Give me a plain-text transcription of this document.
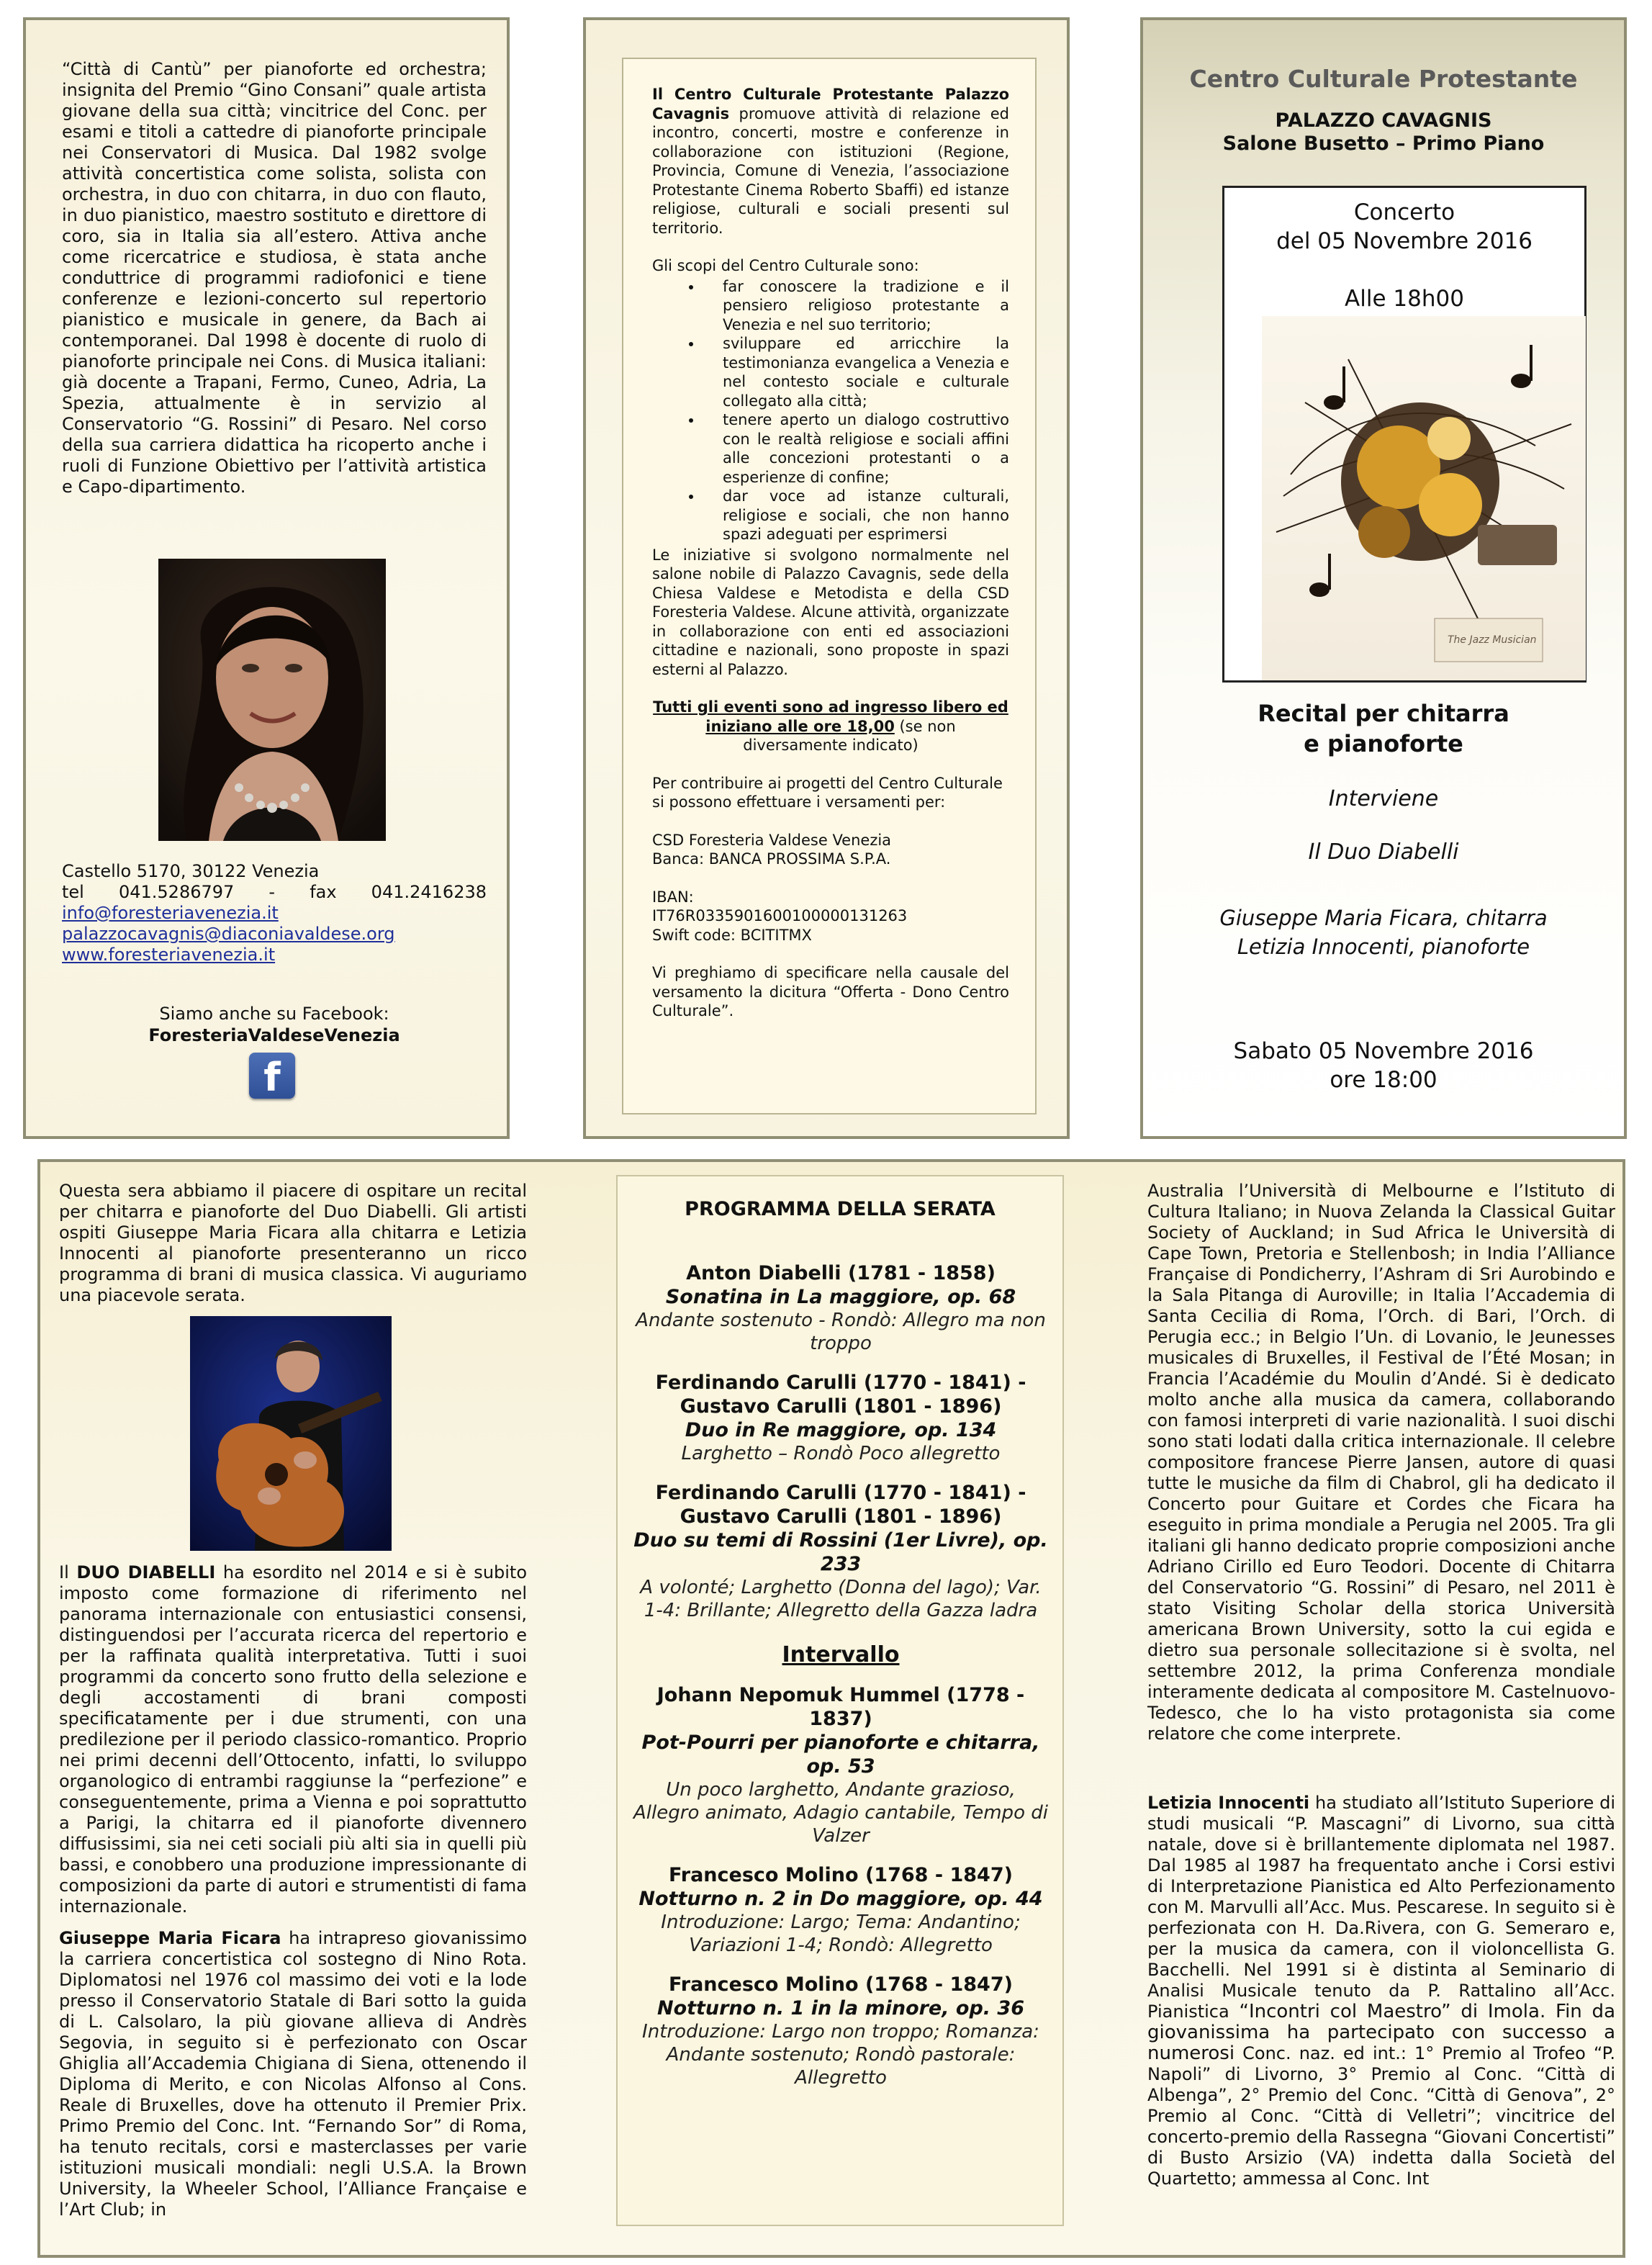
“Città di Cantù” per pianoforte ed orchestra; insignita del Premio “Gino Consani” quale artista giovane della sua città; vincitrice del Conc. per esami e titoli a cattedre di pianoforte principale nei Conservatori di Musica. Dal 1982 svolge attività concertistica come solista, solista con orchestra, in duo con chitarra, in duo con flauto, in duo pianistico, maestro sostituto e direttore di coro, sia in Italia sia all’estero. Attiva anche come ricercatrice e studiosa, è stata anche conduttrice di programmi radiofonici e tiene conferenze e lezioni-concerto sul repertorio pianistico e musicale in genere, da Bach ai contemporanei. Dal 1998 è docente di ruolo di pianoforte principale nei Cons. di Musica italiani: già docente a Trapani, Fermo, Cuneo, Adria, La Spezia, attualmente è in servizio al Conservatorio “G. Rossini” di Pesaro. Nel corso della sua carriera didattica ha ricoperto anche i ruoli di Funzione Obiettivo per l’attività artistica e Capo-dipartimento.

Castello 5170, 30122 Venezia

tel 041.5286797 - fax 041.2416238

info@foresteriavenezia.it

palazzocavagnis@diaconiavaldese.org

www.foresteriavenezia.it

Siamo anche su Facebook:

ForesteriaValdeseVenezia

f

Il Centro Culturale Protestante Palazzo Cavagnis promuove attività di relazione ed incontro, concerti, mostre e conferenze in collaborazione con istituzioni (Regione, Provincia, Comune di Venezia, l’associazione Protestante Cinema Roberto Sbaffi) ed istanze religiose, culturali e sociali presenti sul territorio.

Gli scopi del Centro Culturale sono:

• far conoscere la tradizione e il pensiero religioso protestante a Venezia e nel suo territorio;
• sviluppare ed arricchire la testimonianza evangelica a Venezia e nel contesto sociale e culturale collegato alla città;
• tenere aperto un dialogo costruttivo con le realtà religiose e sociali affini alle concezioni protestanti o a esperienze di confine;
• dar voce ad istanze culturali, religiose e sociali, che non hanno spazi adeguati per esprimersi

Le iniziative si svolgono normalmente nel salone nobile di Palazzo Cavagnis, sede della Chiesa Valdese e Metodista e della CSD Foresteria Valdese. Alcune attività, organizzate in collaborazione con enti ed associazioni cittadine e nazionali, sono proposte in spazi esterni al Palazzo.

Tutti gli eventi sono ad ingresso libero ed iniziano alle ore 18,00 (se non diversamente indicato)

Per contribuire ai progetti del Centro Culturale si possono effettuare i versamenti per:

CSD Foresteria Valdese Venezia

Banca: BANCA PROSSIMA S.P.A.

IBAN:

IT76R0335901600100000131263

Swift code: BCITITMX

Vi preghiamo di specificare nella causale del versamento la dicitura “Offerta - Dono Centro Culturale”.

Centro Culturale Protestante

PALAZZO CAVAGNIS

Salone Busetto – Primo Piano

Concerto

del 05 Novembre 2016

Alle 18h00

The Jazz Musician

Recital per chitarra

e pianoforte

Interviene

Il Duo Diabelli

Giuseppe Maria Ficara, chitarra

Letizia Innocenti, pianoforte

Sabato 05 Novembre 2016

ore 18:00

Questa sera abbiamo il piacere di ospitare un recital per chitarra e pianoforte del Duo Diabelli. Gli artisti ospiti Giuseppe Maria Ficara alla chitarra e Letizia Innocenti al pianoforte presenteranno un ricco programma di brani di musica classica. Vi auguriamo una piacevole serata.

Il DUO DIABELLI ha esordito nel 2014 e si è subito imposto come formazione di riferimento nel panorama internazionale con entusiastici consensi, distinguendosi per l’accurata ricerca del repertorio e per la raffinata qualità interpretativa. Tutti i suoi programmi da concerto sono frutto della selezione e degli accostamenti di brani composti specificatamente per i due strumenti, con una predilezione per il periodo classico-romantico. Proprio nei primi decenni dell’Ottocento, infatti, lo sviluppo organologico di entrambi raggiunse la “perfezione” e conseguentemente, prima a Vienna e poi soprattutto a Parigi, la chitarra ed il pianoforte divennero diffusissimi, sia nei ceti sociali più alti sia in quelli più bassi, e conobbero una produzione impressionante di composizioni da parte di autori e strumentisti di fama internazionale.

Giuseppe Maria Ficara ha intrapreso giovanissimo la carriera concertistica col sostegno di Nino Rota. Diplomatosi nel 1976 col massimo dei voti e la lode presso il Conservatorio Statale di Bari sotto la guida di L. Calsolaro, la più giovane allieva di Andrès Segovia, in seguito si è perfezionato con Oscar Ghiglia all’Accademia Chigiana di Siena, ottenendo il Diploma di Merito, e con Nicolas Alfonso al Cons. Reale di Bruxelles, dove ha ottenuto il Premier Prix. Primo Premio del Conc. Int. “Fernando Sor” di Roma, ha tenuto recitals, corsi e masterclasses per varie istituzioni musicali mondiali: negli U.S.A. la Brown University, la Wheeler School, l’Alliance Française e l’Art Club; in

PROGRAMMA DELLA SERATA

Anton Diabelli (1781 - 1858)

Sonatina in La maggiore, op. 68

Andante sostenuto - Rondò: Allegro ma non troppo

Ferdinando Carulli (1770 - 1841) - Gustavo Carulli (1801 - 1896)

Duo in Re maggiore, op. 134

Larghetto – Rondò Poco allegretto

Ferdinando Carulli (1770 - 1841) - Gustavo Carulli (1801 - 1896)

Duo su temi di Rossini (1er Livre), op. 233

A volonté; Larghetto (Donna del lago); Var. 1-4: Brillante; Allegretto della Gazza ladra

Intervallo

Johann Nepomuk Hummel (1778 - 1837)

Pot-Pourri per pianoforte e chitarra, op. 53

Un poco larghetto, Andante grazioso, Allegro animato, Adagio cantabile, Tempo di Valzer

Francesco Molino (1768 - 1847)

Notturno n. 2 in Do maggiore, op. 44

Introduzione: Largo; Tema: Andantino; Variazioni 1-4; Rondò: Allegretto

Francesco Molino (1768 - 1847)

Notturno n. 1 in la minore, op. 36

Introduzione: Largo non troppo; Romanza: Andante sostenuto; Rondò pastorale: Allegretto

Australia l’Università di Melbourne e l’Istituto di Cultura Italiano; in Nuova Zelanda la Classical Guitar Society of Auckland; in Sud Africa le Università di Cape Town, Pretoria e Stellenbosh; in India l’Alliance Française di Pondicherry, l’Ashram di Sri Aurobindo e la Sala Pitanga di Auroville; in Italia l’Accademia di Santa Cecilia di Roma, l’Orch. di Bari, l’Orch. di Perugia ecc.; in Belgio l’Un. di Lovanio, le Jeunesses musicales di Bruxelles, il Festival de l’Été Mosan; in Francia l’Académie du Moulin d’Andé. Si è dedicato molto anche alla musica da camera, collaborando con famosi interpreti di varie nazionalità. I suoi dischi sono stati lodati dalla critica internazionale. Il celebre compositore francese Pierre Jansen, autore di quasi tutte le musiche da film di Chabrol, gli ha dedicato il Concerto pour Guitare et Cordes che Ficara ha eseguito in prima mondiale a Perugia nel 2005. Tra gli italiani gli hanno dedicato proprie composizioni anche Adriano Cirillo ed Euro Teodori. Docente di Chitarra del Conservatorio “G. Rossini” di Pesaro, nel 2011 è stato Visiting Scholar della storica Università americana Brown University, sotto la cui egida e dietro sua personale sollecitazione si è svolta, nel settembre 2012, la prima Conferenza mondiale interamente dedicata al compositore M. Castelnuovo-Tedesco, che lo ha visto protagonista sia come relatore che come interprete.

Letizia Innocenti ha studiato all’Istituto Superiore di studi musicali “P. Mascagni” di Livorno, sua città natale, dove si è brillantemente diplomata nel 1987. Dal 1985 al 1987 ha frequentato anche i Corsi estivi di Interpretazione Pianistica ed Alto Perfezionamento con M. Marvulli all’Acc. Mus. Pescarese. In seguito si è perfezionata con H. Da.Rivera, con G. Semeraro e, per la musica da camera, con il violoncellista G. Bacchelli. Nel 1991 si è distinta al Seminario di Analisi Musicale tenuto da P. Rattalino all’Acc. Pianistica “Incontri col Maestro” di Imola. Fin da giovanissima ha partecipato con successo a numerosi Conc. naz. ed int.: 1° Premio al Trofeo “P. Napoli” di Livorno, 3° Premio al Conc. “Città di Albenga”, 2° Premio del Conc. “Città di Genova”, 2° Premio al Conc. “Città di Velletri”; vincitrice del concerto-premio della Rassegna “Giovani Concertisti” di Busto Arsizio (VA) indetta dalla Società del Quartetto; ammessa al Conc. Int
